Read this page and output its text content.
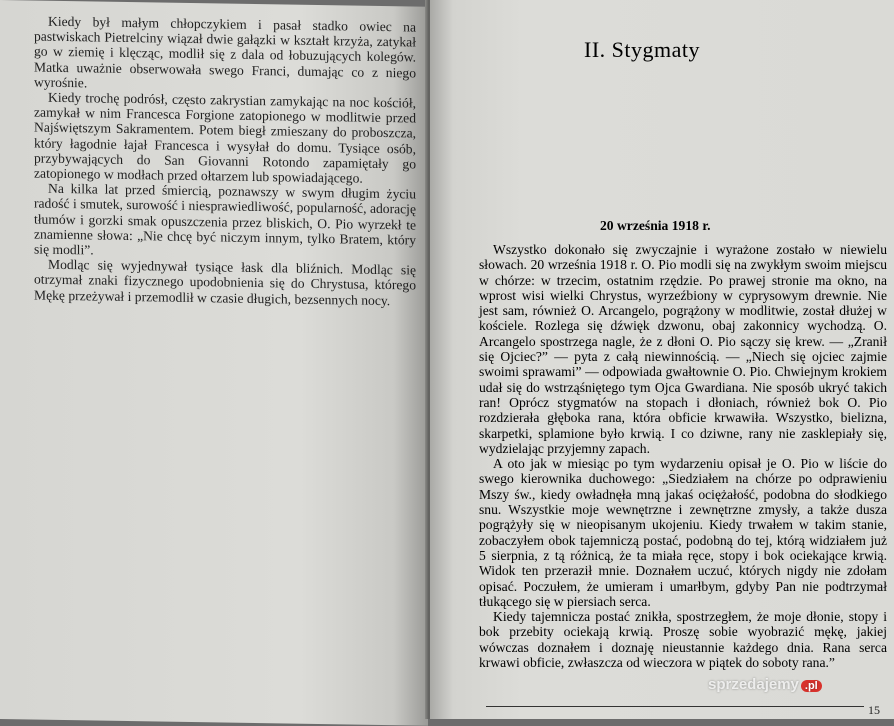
Kiedy był małym chłopczykiem i pasał stadko owiec na pastwiskach Pietrelciny wiązał dwie gałązki w kształt krzyża, zatykał go w ziemię i klęcząc, modlił się z dala od łobuzujących kolegów. Matka uważnie obserwowała swego Franci, dumając co z niego wyrośnie.

Kiedy trochę podrósł, często zakrystian zamykając na noc kościół, zamykał w nim Francesca Forgione zatopionego w modlitwie przed Najświętszym Sakramentem. Potem biegł zmieszany do proboszcza, który łagodnie łajał Francesca i wysyłał do domu. Tysiące osób, przybywających do San Giovanni Rotondo zapamiętały go zatopionego w modłach przed ołtarzem lub spowiadającego.

Na kilka lat przed śmiercią, poznawszy w swym długim życiu radość i smutek, surowość i niesprawiedliwość, popularność, adorację tłumów i gorzki smak opuszczenia przez bliskich, O. Pio wyrzekł te znamienne słowa: „Nie chcę być niczym innym, tylko Bratem, który się modli”.

Modląc się wyjednywał tysiące łask dla bliźnich. Modląc się otrzymał znaki fizycznego upodobnienia się do Chrystusa, którego Mękę przeżywał i przemodlił w czasie długich, bezsennych nocy.

II. Stygmaty
20 września 1918 r.

Wszystko dokonało się zwyczajnie i wyrażone zostało w niewielu słowach. 20 września 1918 r. O. Pio modli się na zwykłym swoim miejscu w chórze: w trzecim, ostatnim rzędzie. Po prawej stronie ma okno, na wprost wisi wielki Chrystus, wyrzeźbiony w cyprysowym drewnie. Nie jest sam, również O. Arcangelo, pogrążony w modlitwie, został dłużej w kościele. Rozlega się dźwięk dzwonu, obaj zakonnicy wychodzą. O. Arcangelo spostrzega nagle, że z dłoni O. Pio sączy się krew. — „Zranił się Ojciec?” — pyta z całą niewinnością. — „Niech się ojciec zajmie swoimi sprawami” — odpowiada gwałtownie O. Pio. Chwiejnym krokiem udał się do wstrząśniętego tym Ojca Gwardiana. Nie sposób ukryć takich ran! Oprócz stygmatów na stopach i dłoniach, również bok O. Pio rozdzierała głęboka rana, która obficie krwawiła. Wszystko, bielizna, skarpetki, splamione było krwią. I co dziwne, rany nie zasklepiały się, wydzielając przyjemny zapach.

A oto jak w miesiąc po tym wydarzeniu opisał je O. Pio w liście do swego kierownika duchowego: „Siedziałem na chórze po odprawieniu Mszy św., kiedy owładnęła mną jakaś ociężałość, podobna do słodkiego snu. Wszystkie moje wewnętrzne i zewnętrzne zmysły, a także dusza pogrążyły się w nieopisanym ukojeniu. Kiedy trwałem w takim stanie, zobaczyłem obok tajemniczą postać, podobną do tej, którą widziałem już 5 sierpnia, z tą różnicą, że ta miała ręce, stopy i bok ociekające krwią. Widok ten przeraził mnie. Doznałem uczuć, których nigdy nie zdołam opisać. Poczułem, że umieram i umarłbym, gdyby Pan nie podtrzymał tłukącego się w piersiach serca.

Kiedy tajemnicza postać znikła, spostrzegłem, że moje dłonie, stopy i bok przebity ociekają krwią. Proszę sobie wyobrazić mękę, jakiej wówczas doznałem i doznaję nieustannie każdego dnia. Rana serca krwawi obficie, zwłaszcza od wieczora w piątek do soboty rana.”

15
sprzedajemy .pl
